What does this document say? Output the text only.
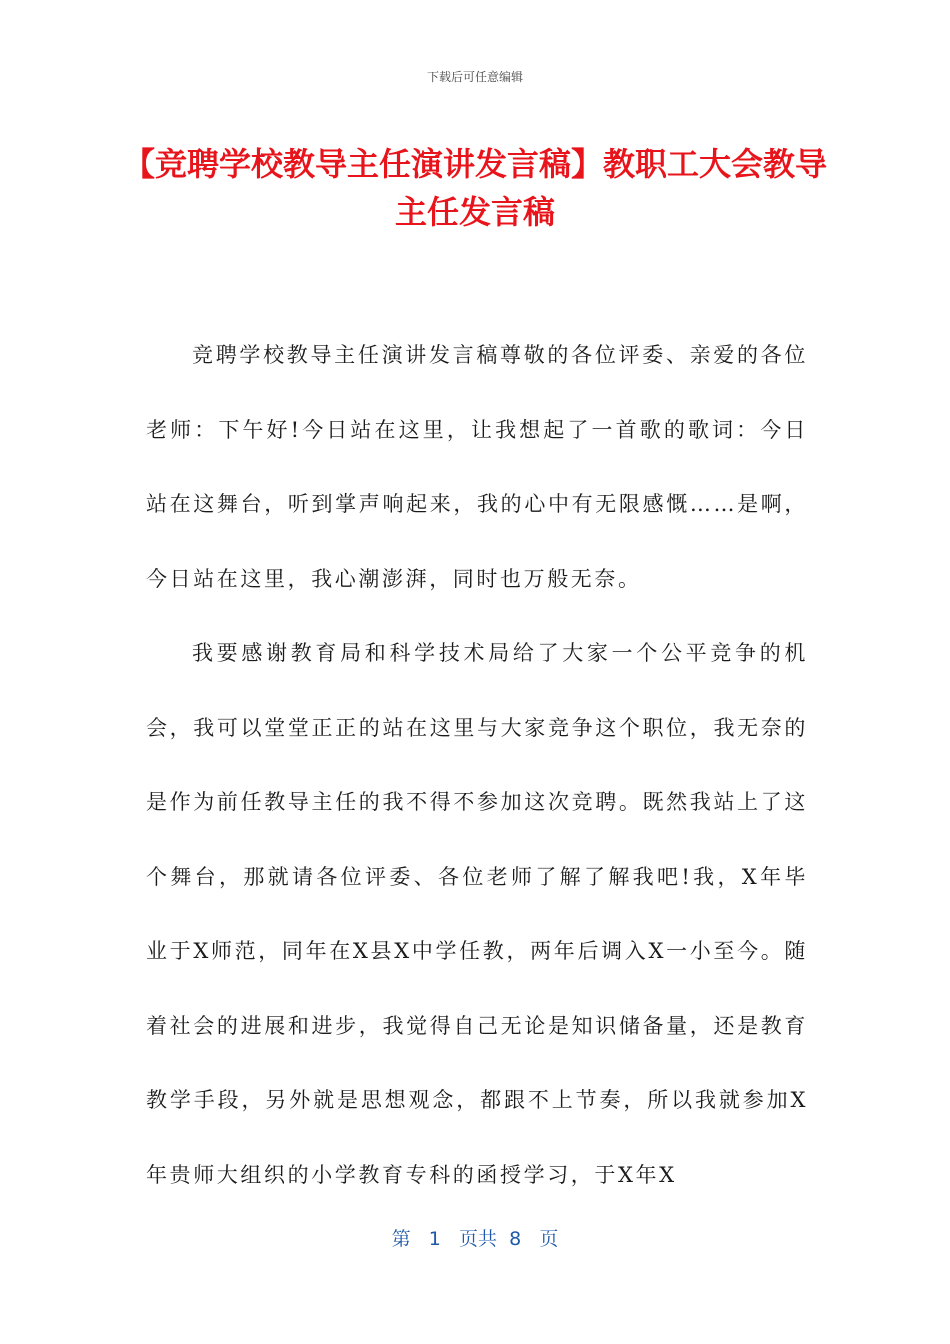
下载后可任意编辑
【竞聘学校教导主任演讲发言稿】教职工大会教导主任发言稿

竞聘学校教导主任演讲发言稿尊敬的各位评委、亲爱的各位老师：下午好!今日站在这里，让我想起了一首歌的歌词：今日站在这舞台，听到掌声响起来，我的心中有无限感慨……是啊，今日站在这里，我心潮澎湃，同时也万般无奈。

我要感谢教育局和科学技术局给了大家一个公平竞争的机会，我可以堂堂正正的站在这里与大家竞争这个职位，我无奈的是作为前任教导主任的我不得不参加这次竞聘。既然我站上了这个舞台，那就请各位评委、各位老师了解了解我吧!我，X年毕业于X师范，同年在X县X中学任教，两年后调入X一小至今。随着社会的进展和进步，我觉得自己无论是知识储备量，还是教育教学手段，另外就是思想观念，都跟不上节奏，所以我就参加X年贵师大组织的小学教育专科的函授学习，于X年X

第 1 页共 8 页
